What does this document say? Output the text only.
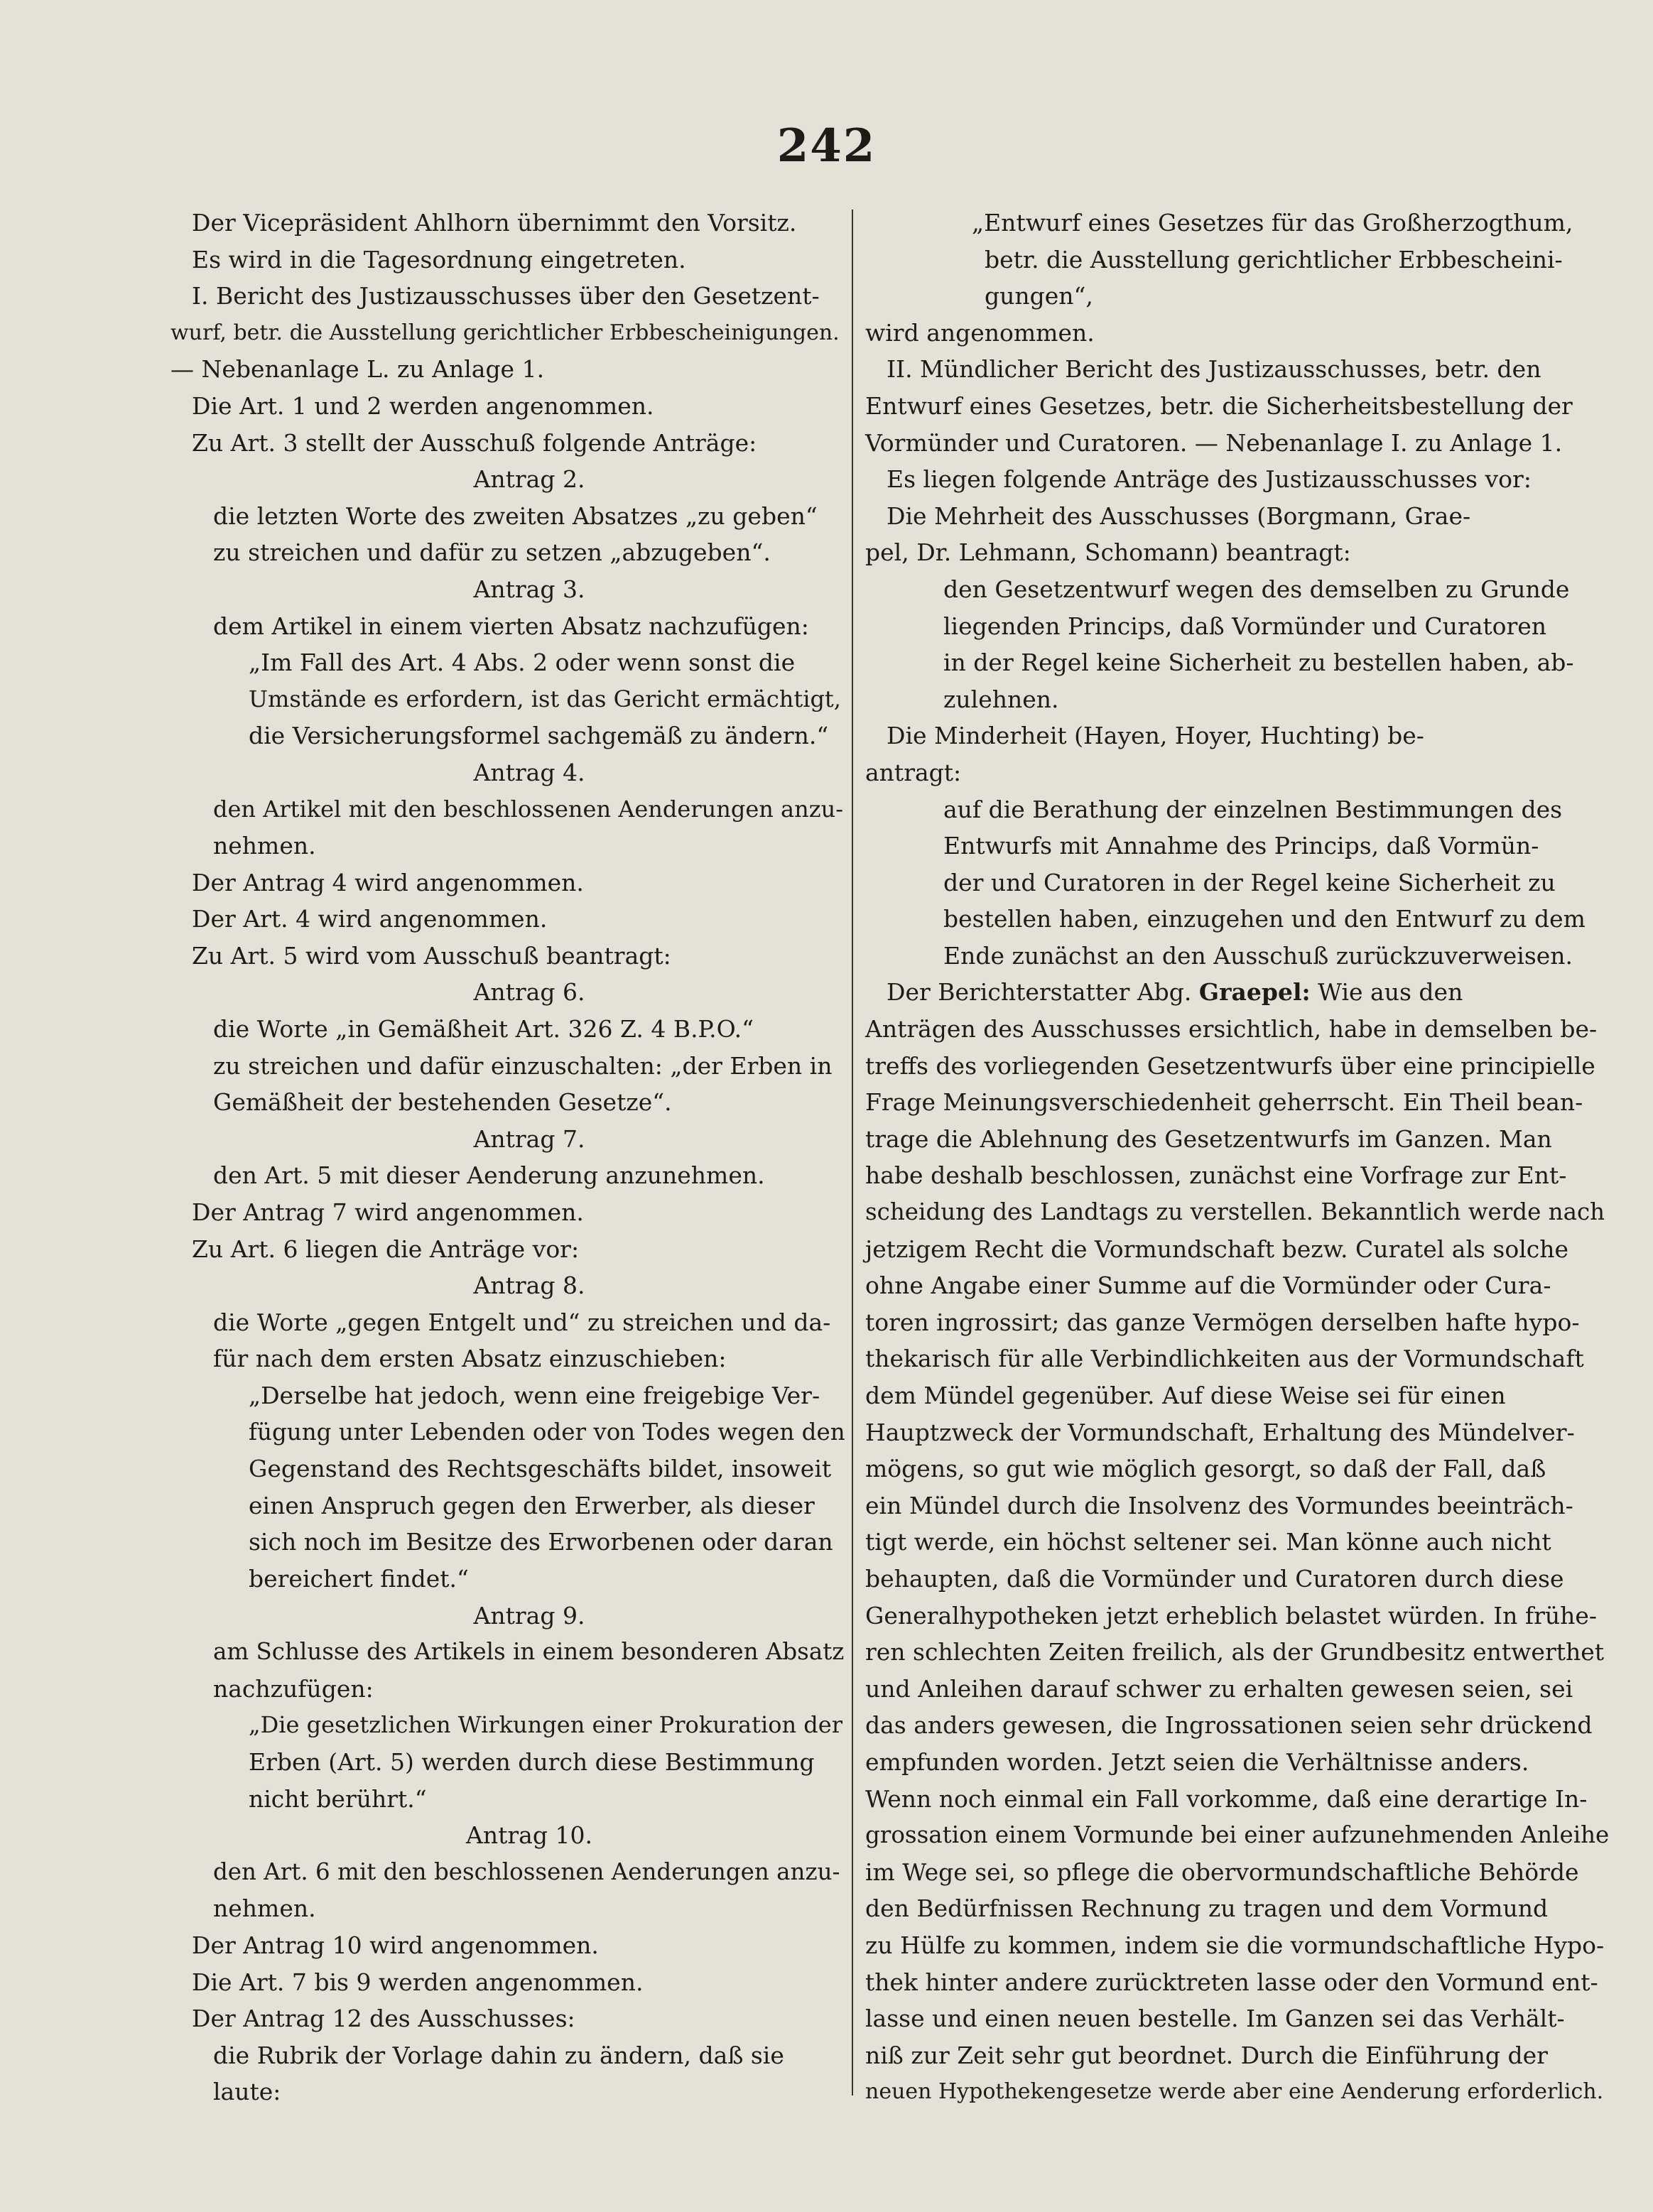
242
Der Vicepräsident Ahlhorn übernimmt den Vorsitz.
Es wird in die Tagesordnung eingetreten.
I. Bericht des Justizausschusses über den Gesetzent-
wurf, betr. die Ausstellung gerichtlicher Erbbescheinigungen.
— Nebenanlage L. zu Anlage 1.
Die Art. 1 und 2 werden angenommen.
Zu Art. 3 stellt der Ausschuß folgende Anträge:
Antrag 2.
die letzten Worte des zweiten Absatzes „zu geben“
zu streichen und dafür zu setzen „abzugeben“.
Antrag 3.
dem Artikel in einem vierten Absatz nachzufügen:
„Im Fall des Art. 4 Abs. 2 oder wenn sonst die
Umstände es erfordern, ist das Gericht ermächtigt,
die Versicherungsformel sachgemäß zu ändern.“
Antrag 4.
den Artikel mit den beschlossenen Aenderungen anzu-
nehmen.
Der Antrag 4 wird angenommen.
Der Art. 4 wird angenommen.
Zu Art. 5 wird vom Ausschuß beantragt:
Antrag 6.
die Worte „in Gemäßheit Art. 326 Z. 4 B.P.O.“
zu streichen und dafür einzuschalten: „der Erben in
Gemäßheit der bestehenden Gesetze“.
Antrag 7.
den Art. 5 mit dieser Aenderung anzunehmen.
Der Antrag 7 wird angenommen.
Zu Art. 6 liegen die Anträge vor:
Antrag 8.
die Worte „gegen Entgelt und“ zu streichen und da-
für nach dem ersten Absatz einzuschieben:
„Derselbe hat jedoch, wenn eine freigebige Ver-
fügung unter Lebenden oder von Todes wegen den
Gegenstand des Rechtsgeschäfts bildet, insoweit
einen Anspruch gegen den Erwerber, als dieser
sich noch im Besitze des Erworbenen oder daran
bereichert findet.“
Antrag 9.
am Schlusse des Artikels in einem besonderen Absatz
nachzufügen:
„Die gesetzlichen Wirkungen einer Prokuration der
Erben (Art. 5) werden durch diese Bestimmung
nicht berührt.“
Antrag 10.
den Art. 6 mit den beschlossenen Aenderungen anzu-
nehmen.
Der Antrag 10 wird angenommen.
Die Art. 7 bis 9 werden angenommen.
Der Antrag 12 des Ausschusses:
die Rubrik der Vorlage dahin zu ändern, daß sie
laute:
„Entwurf eines Gesetzes für das Großherzogthum,
betr. die Ausstellung gerichtlicher Erbbescheini-
gungen“,
wird angenommen.
II. Mündlicher Bericht des Justizausschusses, betr. den
Entwurf eines Gesetzes, betr. die Sicherheitsbestellung der
Vormünder und Curatoren. — Nebenanlage I. zu Anlage 1.
Es liegen folgende Anträge des Justizausschusses vor:
Die Mehrheit des Ausschusses (Borgmann, Grae-
pel, Dr. Lehmann, Schomann) beantragt:
den Gesetzentwurf wegen des demselben zu Grunde
liegenden Princips, daß Vormünder und Curatoren
in der Regel keine Sicherheit zu bestellen haben, ab-
zulehnen.
Die Minderheit (Hayen, Hoyer, Huchting) be-
antragt:
auf die Berathung der einzelnen Bestimmungen des
Entwurfs mit Annahme des Princips, daß Vormün-
der und Curatoren in der Regel keine Sicherheit zu
bestellen haben, einzugehen und den Entwurf zu dem
Ende zunächst an den Ausschuß zurückzuverweisen.
Der Berichterstatter Abg. Graepel: Wie aus den
Anträgen des Ausschusses ersichtlich, habe in demselben be-
treffs des vorliegenden Gesetzentwurfs über eine principielle
Frage Meinungsverschiedenheit geherrscht. Ein Theil bean-
trage die Ablehnung des Gesetzentwurfs im Ganzen. Man
habe deshalb beschlossen, zunächst eine Vorfrage zur Ent-
scheidung des Landtags zu verstellen. Bekanntlich werde nach
jetzigem Recht die Vormundschaft bezw. Curatel als solche
ohne Angabe einer Summe auf die Vormünder oder Cura-
toren ingrossirt; das ganze Vermögen derselben hafte hypo-
thekarisch für alle Verbindlichkeiten aus der Vormundschaft
dem Mündel gegenüber. Auf diese Weise sei für einen
Hauptzweck der Vormundschaft, Erhaltung des Mündelver-
mögens, so gut wie möglich gesorgt, so daß der Fall, daß
ein Mündel durch die Insolvenz des Vormundes beeinträch-
tigt werde, ein höchst seltener sei. Man könne auch nicht
behaupten, daß die Vormünder und Curatoren durch diese
Generalhypotheken jetzt erheblich belastet würden. In frühe-
ren schlechten Zeiten freilich, als der Grundbesitz entwerthet
und Anleihen darauf schwer zu erhalten gewesen seien, sei
das anders gewesen, die Ingrossationen seien sehr drückend
empfunden worden. Jetzt seien die Verhältnisse anders.
Wenn noch einmal ein Fall vorkomme, daß eine derartige In-
grossation einem Vormunde bei einer aufzunehmenden Anleihe
im Wege sei, so pflege die obervormundschaftliche Behörde
den Bedürfnissen Rechnung zu tragen und dem Vormund
zu Hülfe zu kommen, indem sie die vormundschaftliche Hypo-
thek hinter andere zurücktreten lasse oder den Vormund ent-
lasse und einen neuen bestelle. Im Ganzen sei das Verhält-
niß zur Zeit sehr gut beordnet. Durch die Einführung der
neuen Hypothekengesetze werde aber eine Aenderung erforderlich.
